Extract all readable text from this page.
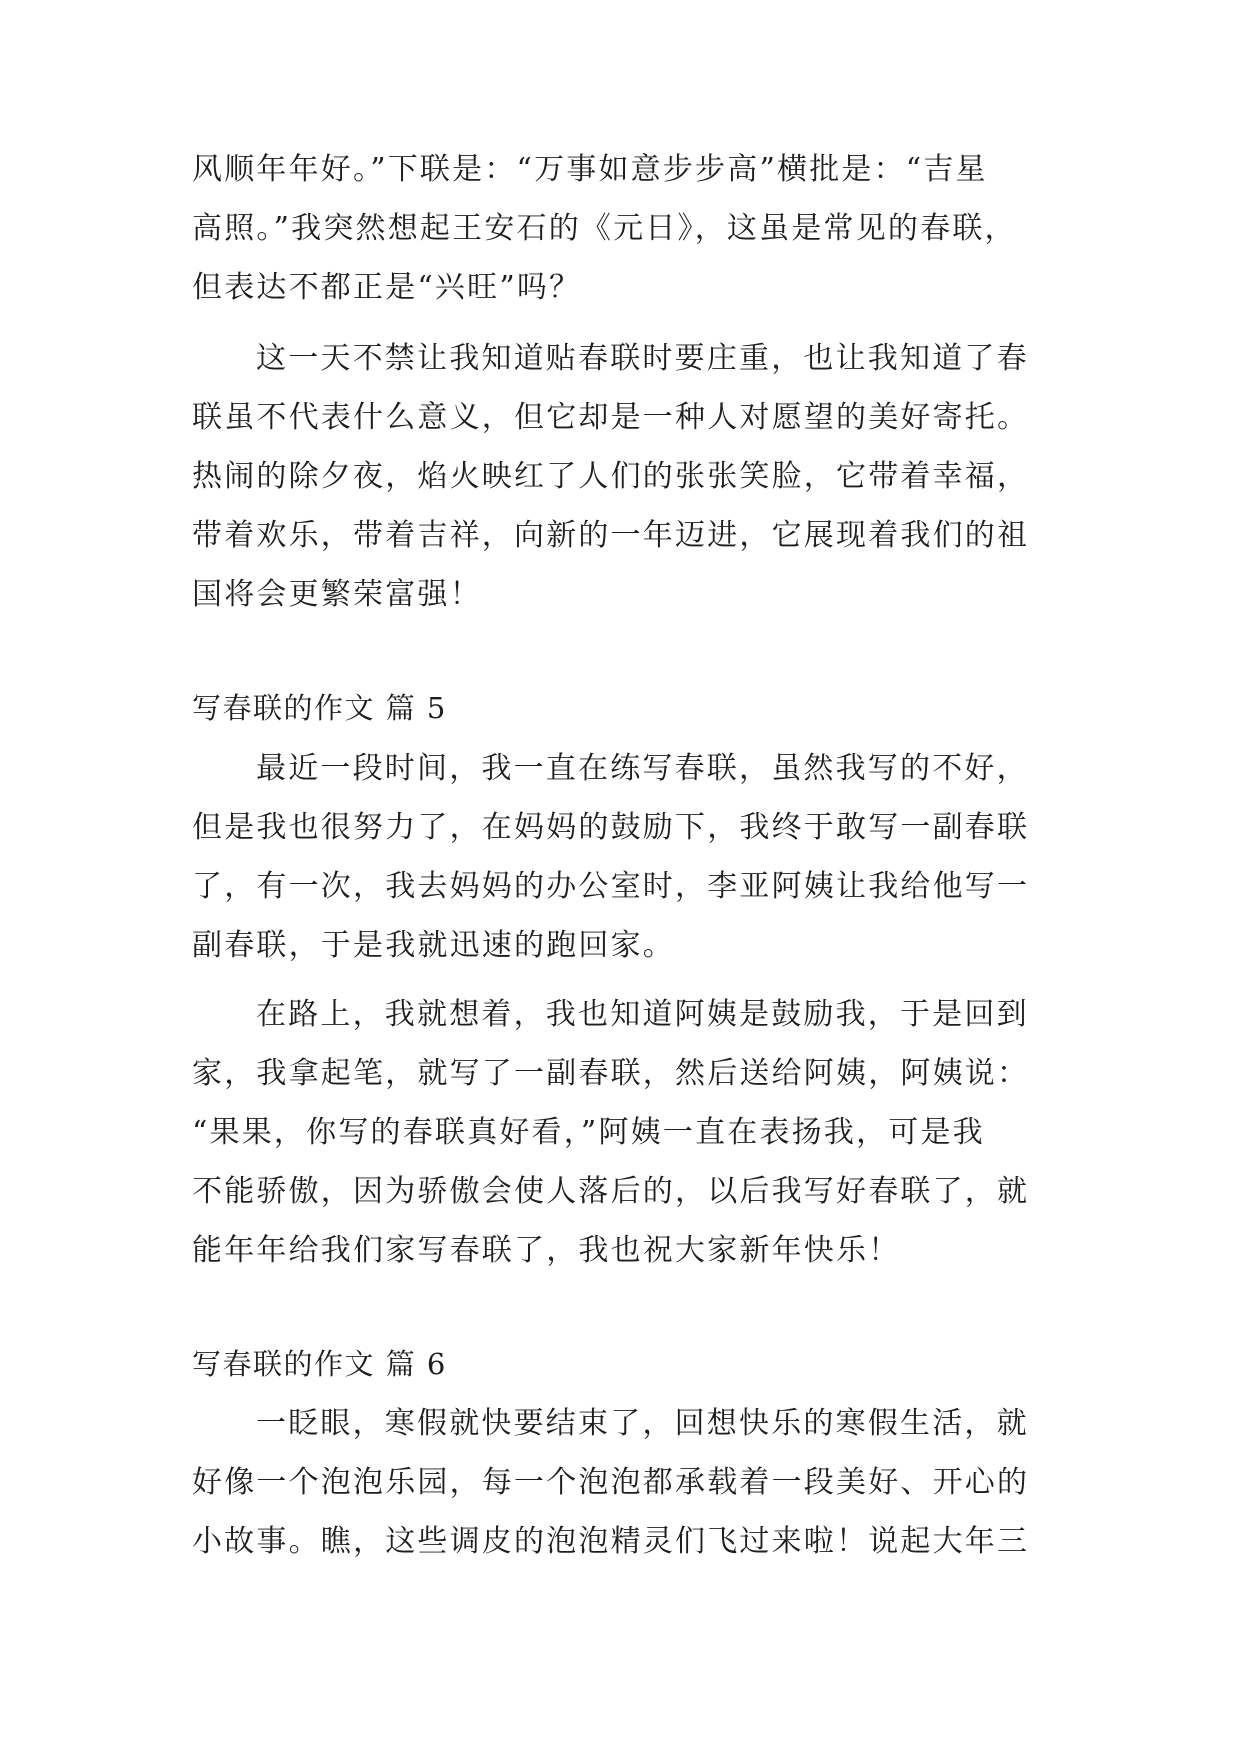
风顺年年好。”下联是：“万事如意步步高”横批是：“吉星
高照。”我突然想起王安石的《元日》，这虽是常见的春联，
但表达不都正是“兴旺”吗？
这一天不禁让我知道贴春联时要庄重，也让我知道了春
联虽不代表什么意义，但它却是一种人对愿望的美好寄托。
热闹的除夕夜，焰火映红了人们的张张笑脸，它带着幸福，
带着欢乐，带着吉祥，向新的一年迈进，它展现着我们的祖
国将会更繁荣富强！
写春联的作文 篇 5
最近一段时间，我一直在练写春联，虽然我写的不好，
但是我也很努力了，在妈妈的鼓励下，我终于敢写一副春联
了，有一次，我去妈妈的办公室时，李亚阿姨让我给他写一
副春联，于是我就迅速的跑回家。
在路上，我就想着，我也知道阿姨是鼓励我，于是回到
家，我拿起笔，就写了一副春联，然后送给阿姨，阿姨说：
“果果，你写的春联真好看，”阿姨一直在表扬我，可是我
不能骄傲，因为骄傲会使人落后的，以后我写好春联了，就
能年年给我们家写春联了，我也祝大家新年快乐！
写春联的作文 篇 6
一眨眼，寒假就快要结束了，回想快乐的寒假生活，就
好像一个泡泡乐园，每一个泡泡都承载着一段美好、开心的
小故事。瞧，这些调皮的泡泡精灵们飞过来啦！说起大年三
